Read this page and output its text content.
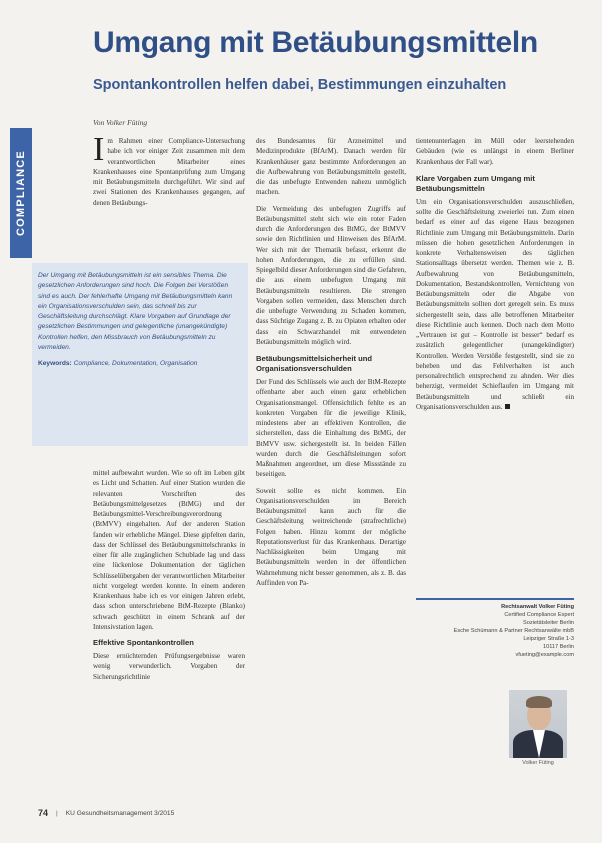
Umgang mit Betäubungsmitteln
Spontankontrollen helfen dabei, Bestimmungen einzuhalten
Von Volker Füting
COMPLIANCE
Der Umgang mit Betäubungsmitteln ist ein sensibles Thema. Die gesetzlichen Anforderungen sind hoch. Die Folgen bei Verstößen sind es auch. Der fehlerhafte Umgang mit Betäubungsmitteln kann ein Organisationsverschulden sein, das schnell bis zur Geschäftsleitung durchschlägt. Klare Vorgaben auf Grundlage der gesetzlichen Bestimmungen und gelegentliche (unangekündigte) Kontrollen helfen, den Missbrauch von Betäubungsmitteln zu vermeiden.
Keywords: Compliance, Dokumentation, Organisation

Im Rahmen einer Compliance-Untersuchung habe ich vor einiger Zeit zusammen mit dem verantwortlichen Mitarbeiter eines Krankenhauses eine Spontanprüfung zum Umgang mit Betäubungsmitteln durchgeführt. Wir sind auf zwei Stationen des Krankenhauses gegangen, auf denen Betäubungs-

mittel aufbewahrt wurden. Wie so oft im Leben gibt es Licht und Schatten. Auf einer Station wurden die relevanten Vorschriften des Betäubungsmittelgesetzes (BtMG) und der Betäubungsmittel-Verschreibungsverordnung (BtMVV) eingehalten. Auf der anderen Station fanden wir erhebliche Mängel. Diese gipfelten darin, dass der Schlüssel des Betäubungsmittelschranks in einer für alle zugänglichen Schublade lag und dass eine lückenlose Dokumentation der täglichen Schlüsselübergaben der verantwortlichen Mitarbeiter nicht vorgelegt werden konnte. In einem anderen Krankenhaus habe ich es vor einigen Jahren erlebt, dass schon unterschriebene BtM-Rezepte (Blanko) schwach geschützt in einem Schrank auf der Intensivstation lagen.

Effektive Spontankontrollen

Diese ernüchternden Prüfungsergebnisse waren wenig verwunderlich. Vorgaben der Sicherungsrichtlinie

des Bundesamtes für Arzneimittel und Medizinprodukte (BfArM). Danach werden für Krankenhäuser ganz bestimmte Anforderungen an die Aufbewahrung von Betäubungsmitteln gestellt, die das unbefugte Entwenden nahezu unmöglich machen.

Die Vermeidung des unbefugten Zugriffs auf Betäubungsmittel steht sich wie ein roter Faden durch die Anforderungen des BtMG, der BtMVV sowie den Richtlinien und Hinweisen des BfArM. Wer sich mit der Thematik befasst, erkennt die hohen Anforderungen, die zu erfüllen sind. Spiegelbild dieser Anforderungen sind die Gefahren, die aus einem unbefugten Umgang mit Betäubungsmitteln resultieren. Die strengen Vorgaben sollen vermeiden, dass Menschen durch die unbefugte Verwendung zu Schaden kommen, dass Süchtige Zugang z. B. zu Opiaten erhalten oder dass ein Schwarzhandel mit entwendeten Betäubungsmitteln möglich wird.

Betäubungsmittelsicherheit und Organisationsverschulden

Der Fund des Schlüssels wie auch der BtM-Rezepte offenbarte aber auch einen ganz erheblichen Organisationsmangel. Offensichtlich fehlte es an konkreten Vorgaben für die jeweilige Klinik, mindestens aber an effektiven Kontrollen, die sicherstellen, dass die Einhaltung des BtMG, der BtMVV usw. sichergestellt ist. In beiden Fällen wurden durch die Geschäftsleitungen sofort Maßnahmen angeordnet, um diese Missstände zu beseitigen.

Soweit sollte es nicht kommen. Ein Organisationsverschulden im Bereich Betäubungsmittel kann auch für die Geschäftsleitung weitreichende (strafrechtliche) Folgen haben. Hinzu kommt der mögliche Reputationsverlust für das Krankenhaus. Derartige Nachlässigkeiten beim Umgang mit Betäubungsmitteln werden in der öffentlichen Wahrnehmung nicht besser genommen, als z. B. das Auffinden von Pa-

tientenunterlagen im Müll oder leerstehenden Gebäuden (wie es unlängst in einem Berliner Krankenhaus der Fall war).

Klare Vorgaben zum Umgang mit Betäubungsmitteln

Um ein Organisationsverschulden auszuschließen, sollte die Geschäftsleitung zweierlei tun. Zum einen bedarf es einer auf das eigene Haus bezogenen Richtlinie zum Umgang mit Betäubungsmitteln. Darin müssen die hohen gesetzlichen Anforderungen in konkrete Verhaltensweisen des täglichen Stationsalltags übersetzt werden. Themen wie z. B. Aufbewahrung von Betäubungsmitteln, Dokumentation, Bestandskontrollen, Vernichtung von Betäubungsmitteln oder die Abgabe von Betäubungsmitteln sollten dort geregelt sein. Es muss sichergestellt sein, dass alle betroffenen Mitarbeiter diese Richtlinie auch kennen. Doch nach dem Motto „Vertrauen ist gut – Kontrolle ist besser“ bedarf es zusätzlich gelegentlicher (unangekündigter) Kontrollen. Werden Verstöße festgestellt, sind sie zu beheben und das Fehlverhalten ist auch personalrechtlich entsprechend zu ahnden. Wer dies beherzigt, vermeidet Schieflaufen im Umgang mit Betäubungsmitteln und schließt ein Organisationsverschulden aus.

Rechtsanwalt Volker Füting
Certified Compliance Expert
Sozietätsleiter Berlin
Esche Schümann & Partner Rechtsanwälte mbB
Leipziger Straße 1-3
10117 Berlin
vfueting@example.com
Volker Füting
74 | KU Gesundheitsmanagement 3/2015
